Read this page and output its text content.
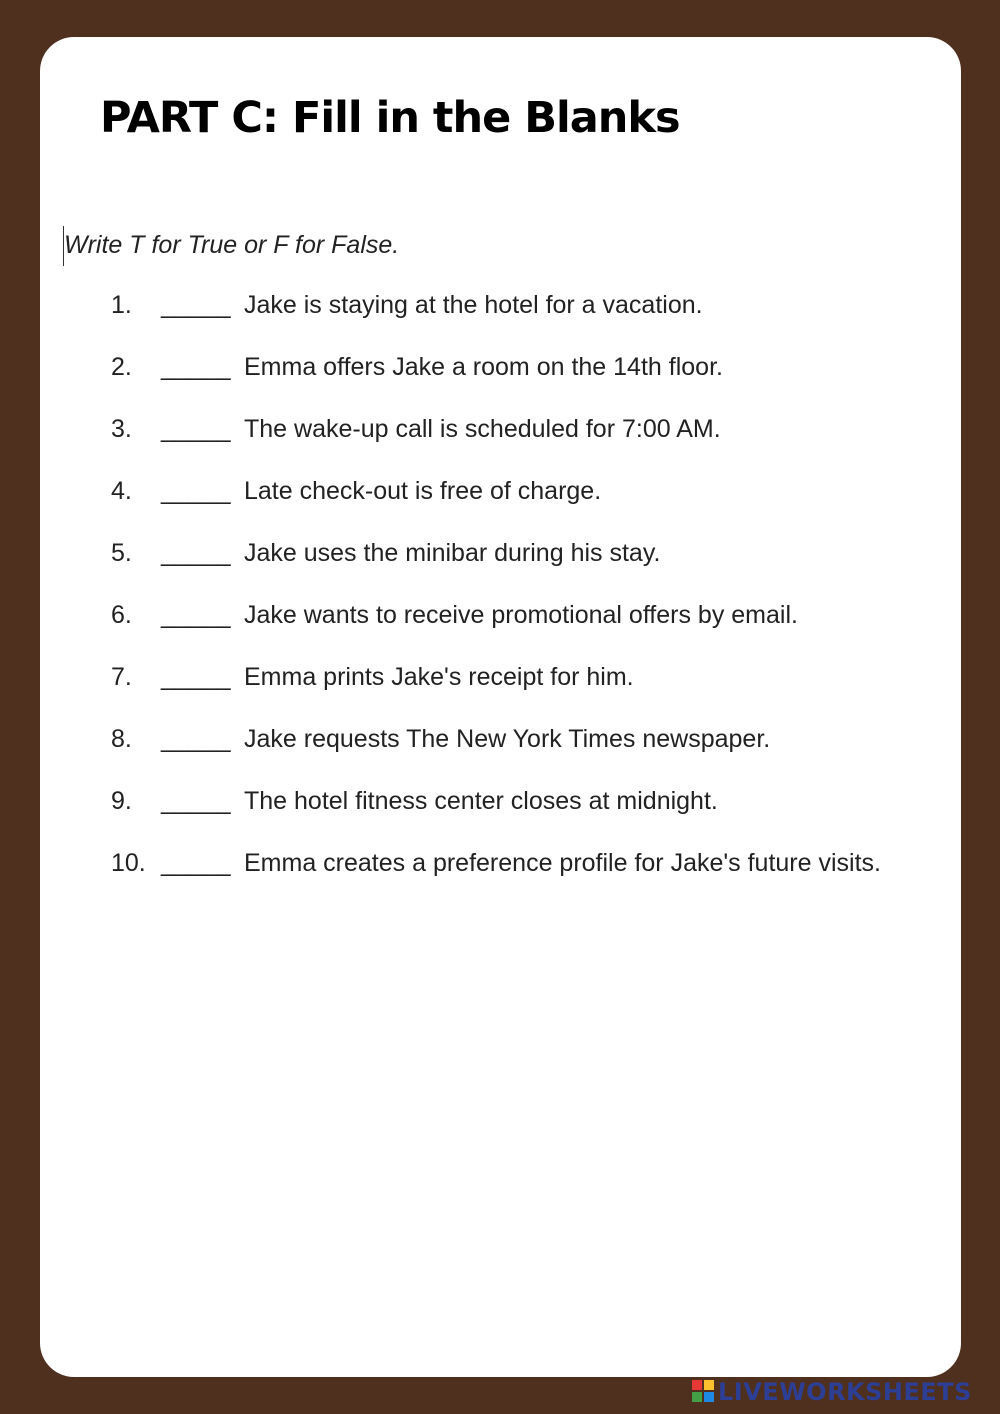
PART C: Fill in the Blanks
Write T for True or F for False.
1. _____ Jake is staying at the hotel for a vacation.
2. _____ Emma offers Jake a room on the 14th floor.
3. _____ The wake-up call is scheduled for 7:00 AM.
4. _____ Late check-out is free of charge.
5. _____ Jake uses the minibar during his stay.
6. _____ Jake wants to receive promotional offers by email.
7. _____ Emma prints Jake's receipt for him.
8. _____ Jake requests The New York Times newspaper.
9. _____ The hotel fitness center closes at midnight.
10. _____ Emma creates a preference profile for Jake's future visits.
LIVEWORKSHEETS
